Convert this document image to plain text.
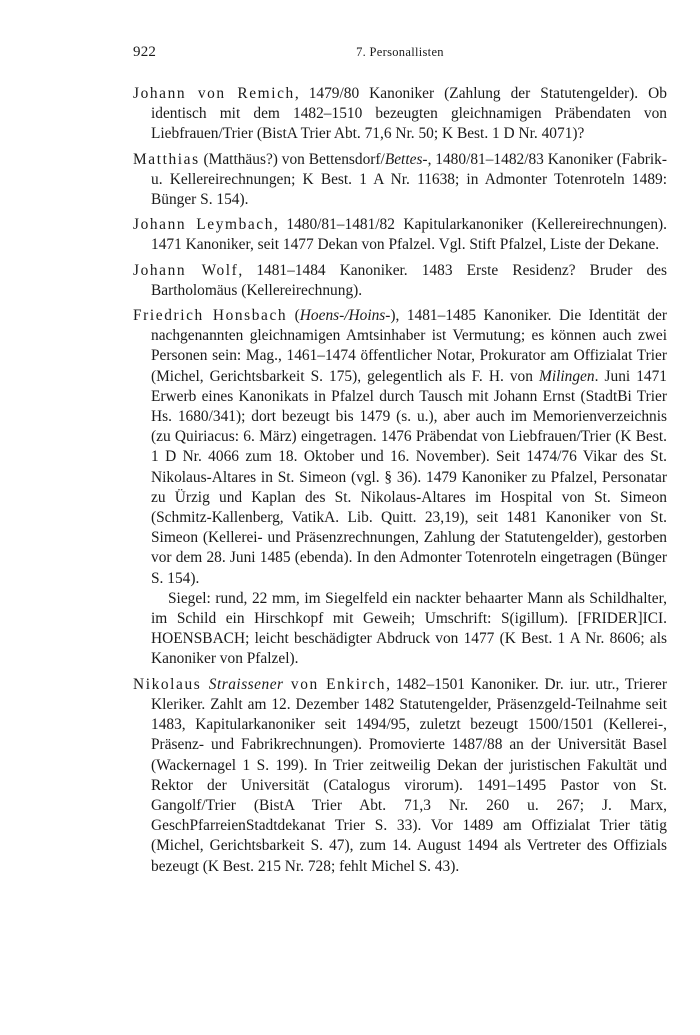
922	7. Personallisten

Johann von Remich, 1479/80 Kanoniker (Zahlung der Statutengelder). Ob identisch mit dem 1482–1510 bezeugten gleichnamigen Präbendaten von Liebfrauen/Trier (BistA Trier Abt. 71,6 Nr. 50; K Best. 1 D Nr. 4071)?

Matthias (Matthäus?) von Bettensdorf/Bettes-, 1480/81–1482/83 Kanoniker (Fabrik- u. Kellereirechnungen; K Best. 1 A Nr. 11638; in Admonter Totenroteln 1489: Bünger S. 154).

Johann Leymbach, 1480/81–1481/82 Kapitularkanoniker (Kellereirechnungen). 1471 Kanoniker, seit 1477 Dekan von Pfalzel. Vgl. Stift Pfalzel, Liste der Dekane.

Johann Wolf, 1481–1484 Kanoniker. 1483 Erste Residenz? Bruder des Bartholomäus (Kellereirechnung).

Friedrich Honsbach (Hoens-/Hoins-), 1481–1485 Kanoniker. Die Identität der nachgenannten gleichnamigen Amtsinhaber ist Vermutung; es können auch zwei Personen sein: Mag., 1461–1474 öffentlicher Notar, Prokurator am Offizialat Trier (Michel, Gerichtsbarkeit S. 175), gelegentlich als F. H. von Milingen. Juni 1471 Erwerb eines Kanonikats in Pfalzel durch Tausch mit Johann Ernst (StadtBi Trier Hs. 1680/341); dort bezeugt bis 1479 (s. u.), aber auch im Memorienverzeichnis (zu Quiriacus: 6. März) eingetragen. 1476 Präbendat von Liebfrauen/Trier (K Best. 1 D Nr. 4066 zum 18. Oktober und 16. November). Seit 1474/76 Vikar des St. Nikolaus-Altares in St. Simeon (vgl. § 36). 1479 Kanoniker zu Pfalzel, Personatar zu Ürzig und Kaplan des St. Nikolaus-Altares im Hospital von St. Simeon (Schmitz-Kallenberg, VatikA. Lib. Quitt. 23,19), seit 1481 Kanoniker von St. Simeon (Kellerei- und Präsenzrechnungen, Zahlung der Statutengelder), gestorben vor dem 28. Juni 1485 (ebenda). In den Admonter Totenroteln eingetragen (Bünger S. 154).

Siegel: rund, 22 mm, im Siegelfeld ein nackter behaarter Mann als Schildhalter, im Schild ein Hirschkopf mit Geweih; Umschrift: S(igillum). [FRIDER]ICI. HOENSBACH; leicht beschädigter Abdruck von 1477 (K Best. 1 A Nr. 8606; als Kanoniker von Pfalzel).

Nikolaus Straissener von Enkirch, 1482–1501 Kanoniker. Dr. iur. utr., Trierer Kleriker. Zahlt am 12. Dezember 1482 Statutengelder, Präsenzgeld-Teilnahme seit 1483, Kapitularkanoniker seit 1494/95, zuletzt bezeugt 1500/1501 (Kellerei-, Präsenz- und Fabrikrechnungen). Promovierte 1487/88 an der Universität Basel (Wackernagel 1 S. 199). In Trier zeitweilig Dekan der juristischen Fakultät und Rektor der Universität (Catalogus virorum). 1491–1495 Pastor von St. Gangolf/Trier (BistA Trier Abt. 71,3 Nr. 260 u. 267; J. Marx, GeschPfarreienStadtdekanat Trier S. 33). Vor 1489 am Offizialat Trier tätig (Michel, Gerichtsbarkeit S. 47), zum 14. August 1494 als Vertreter des Offizials bezeugt (K Best. 215 Nr. 728; fehlt Michel S. 43).
